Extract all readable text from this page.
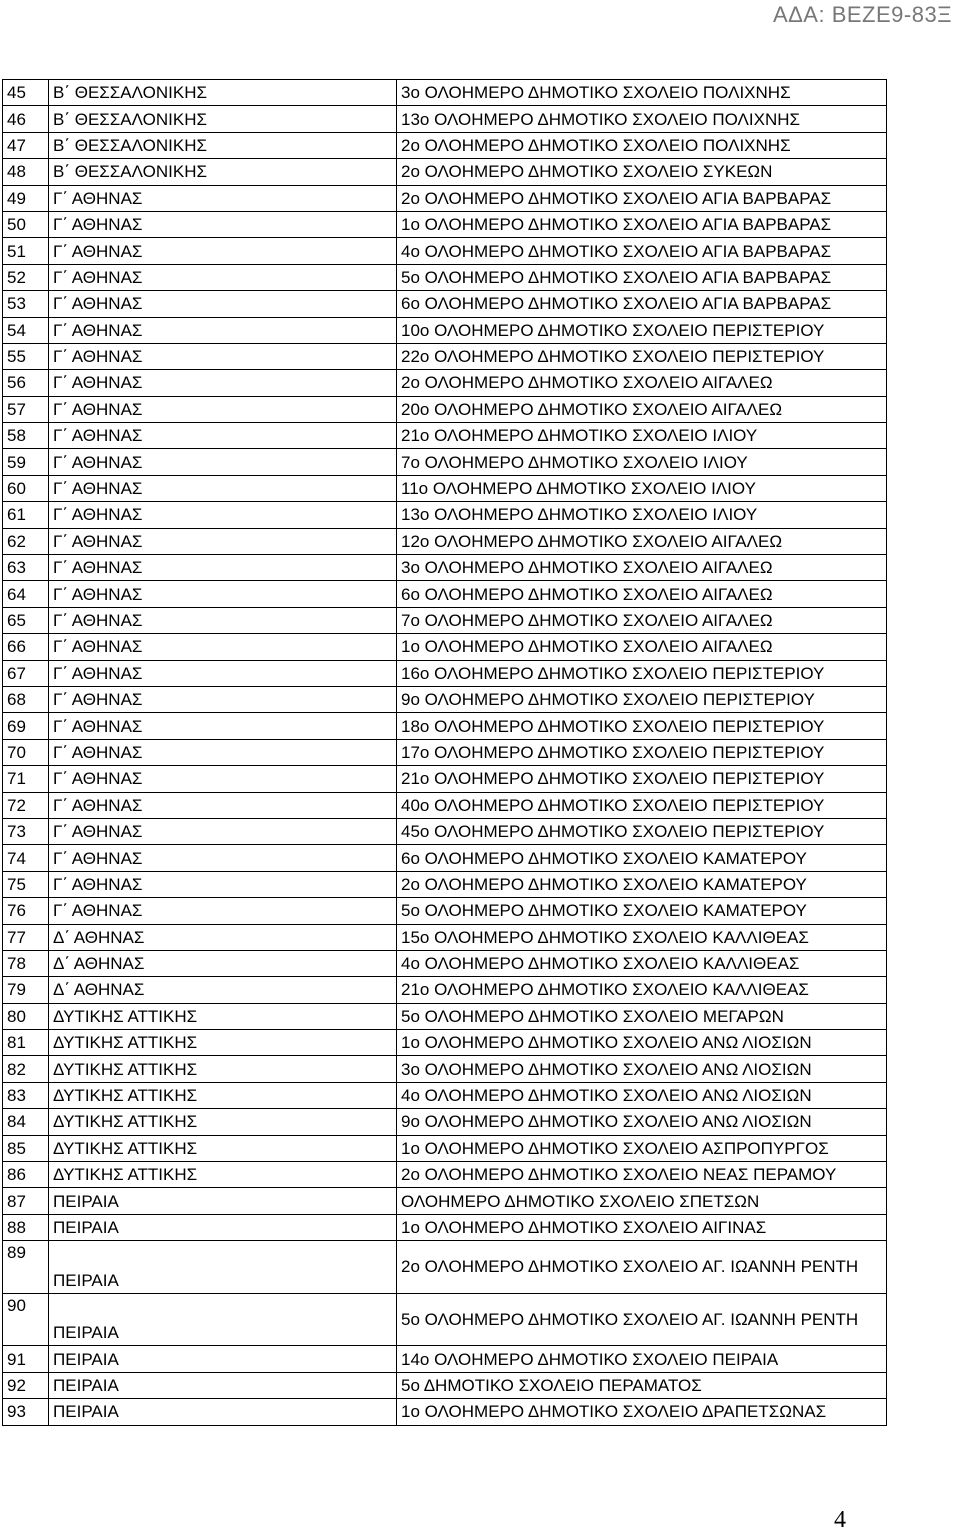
ΑΔΑ: ΒΕΖΕ9-83Ξ
45	Β΄ ΘΕΣΣΑΛΟΝΙΚΗΣ	3ο ΟΛΟΗΜΕΡΟ ΔΗΜΟΤΙΚΟ ΣΧΟΛΕΙΟ ΠΟΛΙΧΝΗΣ
46	Β΄ ΘΕΣΣΑΛΟΝΙΚΗΣ	13ο ΟΛΟΗΜΕΡΟ ΔΗΜΟΤΙΚΟ ΣΧΟΛΕΙΟ ΠΟΛΙΧΝΗΣ
47	Β΄ ΘΕΣΣΑΛΟΝΙΚΗΣ	2ο ΟΛΟΗΜΕΡΟ ΔΗΜΟΤΙΚΟ ΣΧΟΛΕΙΟ ΠΟΛΙΧΝΗΣ
48	Β΄ ΘΕΣΣΑΛΟΝΙΚΗΣ	2ο ΟΛΟΗΜΕΡΟ ΔΗΜΟΤΙΚΟ ΣΧΟΛΕΙΟ ΣΥΚΕΩΝ
49	Γ΄ ΑΘΗΝΑΣ	2ο ΟΛΟΗΜΕΡΟ ΔΗΜΟΤΙΚΟ ΣΧΟΛΕΙΟ ΑΓΙΑ ΒΑΡΒΑΡΑΣ
50	Γ΄ ΑΘΗΝΑΣ	1ο ΟΛΟΗΜΕΡΟ ΔΗΜΟΤΙΚΟ ΣΧΟΛΕΙΟ ΑΓΙΑ ΒΑΡΒΑΡΑΣ
51	Γ΄ ΑΘΗΝΑΣ	4ο ΟΛΟΗΜΕΡΟ ΔΗΜΟΤΙΚΟ ΣΧΟΛΕΙΟ ΑΓΙΑ ΒΑΡΒΑΡΑΣ
52	Γ΄ ΑΘΗΝΑΣ	5ο ΟΛΟΗΜΕΡΟ ΔΗΜΟΤΙΚΟ ΣΧΟΛΕΙΟ ΑΓΙΑ ΒΑΡΒΑΡΑΣ
53	Γ΄ ΑΘΗΝΑΣ	6ο ΟΛΟΗΜΕΡΟ ΔΗΜΟΤΙΚΟ ΣΧΟΛΕΙΟ ΑΓΙΑ ΒΑΡΒΑΡΑΣ
54	Γ΄ ΑΘΗΝΑΣ	10ο ΟΛΟΗΜΕΡΟ ΔΗΜΟΤΙΚΟ ΣΧΟΛΕΙΟ ΠΕΡΙΣΤΕΡΙΟΥ
55	Γ΄ ΑΘΗΝΑΣ	22ο ΟΛΟΗΜΕΡΟ ΔΗΜΟΤΙΚΟ ΣΧΟΛΕΙΟ ΠΕΡΙΣΤΕΡΙΟΥ
56	Γ΄ ΑΘΗΝΑΣ	2ο ΟΛΟΗΜΕΡΟ ΔΗΜΟΤΙΚΟ ΣΧΟΛΕΙΟ ΑΙΓΑΛΕΩ
57	Γ΄ ΑΘΗΝΑΣ	20ο ΟΛΟΗΜΕΡΟ ΔΗΜΟΤΙΚΟ ΣΧΟΛΕΙΟ ΑΙΓΑΛΕΩ
58	Γ΄ ΑΘΗΝΑΣ	21ο ΟΛΟΗΜΕΡΟ ΔΗΜΟΤΙΚΟ ΣΧΟΛΕΙΟ ΙΛΙΟΥ
59	Γ΄ ΑΘΗΝΑΣ	7ο ΟΛΟΗΜΕΡΟ ΔΗΜΟΤΙΚΟ ΣΧΟΛΕΙΟ ΙΛΙΟΥ
60	Γ΄ ΑΘΗΝΑΣ	11ο ΟΛΟΗΜΕΡΟ ΔΗΜΟΤΙΚΟ ΣΧΟΛΕΙΟ ΙΛΙΟΥ
61	Γ΄ ΑΘΗΝΑΣ	13ο ΟΛΟΗΜΕΡΟ ΔΗΜΟΤΙΚΟ ΣΧΟΛΕΙΟ ΙΛΙΟΥ
62	Γ΄ ΑΘΗΝΑΣ	12ο ΟΛΟΗΜΕΡΟ ΔΗΜΟΤΙΚΟ ΣΧΟΛΕΙΟ ΑΙΓΑΛΕΩ
63	Γ΄ ΑΘΗΝΑΣ	3ο ΟΛΟΗΜΕΡΟ ΔΗΜΟΤΙΚΟ ΣΧΟΛΕΙΟ ΑΙΓΑΛΕΩ
64	Γ΄ ΑΘΗΝΑΣ	6ο ΟΛΟΗΜΕΡΟ ΔΗΜΟΤΙΚΟ ΣΧΟΛΕΙΟ ΑΙΓΑΛΕΩ
65	Γ΄ ΑΘΗΝΑΣ	7ο ΟΛΟΗΜΕΡΟ ΔΗΜΟΤΙΚΟ ΣΧΟΛΕΙΟ ΑΙΓΑΛΕΩ
66	Γ΄ ΑΘΗΝΑΣ	1ο ΟΛΟΗΜΕΡΟ ΔΗΜΟΤΙΚΟ ΣΧΟΛΕΙΟ ΑΙΓΑΛΕΩ
67	Γ΄ ΑΘΗΝΑΣ	16ο ΟΛΟΗΜΕΡΟ ΔΗΜΟΤΙΚΟ ΣΧΟΛΕΙΟ ΠΕΡΙΣΤΕΡΙΟΥ
68	Γ΄ ΑΘΗΝΑΣ	9ο ΟΛΟΗΜΕΡΟ ΔΗΜΟΤΙΚΟ ΣΧΟΛΕΙΟ ΠΕΡΙΣΤΕΡΙΟΥ
69	Γ΄ ΑΘΗΝΑΣ	18ο ΟΛΟΗΜΕΡΟ ΔΗΜΟΤΙΚΟ ΣΧΟΛΕΙΟ ΠΕΡΙΣΤΕΡΙΟΥ
70	Γ΄ ΑΘΗΝΑΣ	17ο ΟΛΟΗΜΕΡΟ ΔΗΜΟΤΙΚΟ ΣΧΟΛΕΙΟ ΠΕΡΙΣΤΕΡΙΟΥ
71	Γ΄ ΑΘΗΝΑΣ	21ο ΟΛΟΗΜΕΡΟ ΔΗΜΟΤΙΚΟ ΣΧΟΛΕΙΟ ΠΕΡΙΣΤΕΡΙΟΥ
72	Γ΄ ΑΘΗΝΑΣ	40ο ΟΛΟΗΜΕΡΟ ΔΗΜΟΤΙΚΟ ΣΧΟΛΕΙΟ ΠΕΡΙΣΤΕΡΙΟΥ
73	Γ΄ ΑΘΗΝΑΣ	45ο ΟΛΟΗΜΕΡΟ ΔΗΜΟΤΙΚΟ ΣΧΟΛΕΙΟ ΠΕΡΙΣΤΕΡΙΟΥ
74	Γ΄ ΑΘΗΝΑΣ	6ο ΟΛΟΗΜΕΡΟ ΔΗΜΟΤΙΚΟ ΣΧΟΛΕΙΟ ΚΑΜΑΤΕΡΟΥ
75	Γ΄ ΑΘΗΝΑΣ	2ο ΟΛΟΗΜΕΡΟ ΔΗΜΟΤΙΚΟ ΣΧΟΛΕΙΟ ΚΑΜΑΤΕΡΟΥ
76	Γ΄ ΑΘΗΝΑΣ	5ο ΟΛΟΗΜΕΡΟ ΔΗΜΟΤΙΚΟ ΣΧΟΛΕΙΟ ΚΑΜΑΤΕΡΟΥ
77	Δ΄ ΑΘΗΝΑΣ	15ο ΟΛΟΗΜΕΡΟ ΔΗΜΟΤΙΚΟ ΣΧΟΛΕΙΟ ΚΑΛΛΙΘΕΑΣ
78	Δ΄ ΑΘΗΝΑΣ	4ο ΟΛΟΗΜΕΡΟ ΔΗΜΟΤΙΚΟ ΣΧΟΛΕΙΟ ΚΑΛΛΙΘΕΑΣ
79	Δ΄ ΑΘΗΝΑΣ	21ο ΟΛΟΗΜΕΡΟ ΔΗΜΟΤΙΚΟ ΣΧΟΛΕΙΟ ΚΑΛΛΙΘΕΑΣ
80	ΔΥΤΙΚΗΣ ΑΤΤΙΚΗΣ	5ο ΟΛΟΗΜΕΡΟ ΔΗΜΟΤΙΚΟ ΣΧΟΛΕΙΟ ΜΕΓΑΡΩΝ
81	ΔΥΤΙΚΗΣ ΑΤΤΙΚΗΣ	1ο ΟΛΟΗΜΕΡΟ ΔΗΜΟΤΙΚΟ ΣΧΟΛΕΙΟ ΑΝΩ ΛΙΟΣΙΩΝ
82	ΔΥΤΙΚΗΣ ΑΤΤΙΚΗΣ	3ο ΟΛΟΗΜΕΡΟ ΔΗΜΟΤΙΚΟ ΣΧΟΛΕΙΟ ΑΝΩ ΛΙΟΣΙΩΝ
83	ΔΥΤΙΚΗΣ ΑΤΤΙΚΗΣ	4ο ΟΛΟΗΜΕΡΟ ΔΗΜΟΤΙΚΟ ΣΧΟΛΕΙΟ ΑΝΩ ΛΙΟΣΙΩΝ
84	ΔΥΤΙΚΗΣ ΑΤΤΙΚΗΣ	9ο ΟΛΟΗΜΕΡΟ ΔΗΜΟΤΙΚΟ ΣΧΟΛΕΙΟ ΑΝΩ ΛΙΟΣΙΩΝ
85	ΔΥΤΙΚΗΣ ΑΤΤΙΚΗΣ	1ο ΟΛΟΗΜΕΡΟ ΔΗΜΟΤΙΚΟ ΣΧΟΛΕΙΟ ΑΣΠΡΟΠΥΡΓΟΣ
86	ΔΥΤΙΚΗΣ ΑΤΤΙΚΗΣ	2ο ΟΛΟΗΜΕΡΟ ΔΗΜΟΤΙΚΟ ΣΧΟΛΕΙΟ ΝΕΑΣ ΠΕΡΑΜΟΥ
87	ΠΕΙΡΑΙΑ	ΟΛΟΗΜΕΡΟ ΔΗΜΟΤΙΚΟ ΣΧΟΛΕΙΟ ΣΠΕΤΣΩΝ
88	ΠΕΙΡΑΙΑ	1ο ΟΛΟΗΜΕΡΟ ΔΗΜΟΤΙΚΟ ΣΧΟΛΕΙΟ ΑΙΓΙΝΑΣ
89	ΠΕΙΡΑΙΑ	2ο ΟΛΟΗΜΕΡΟ ΔΗΜΟΤΙΚΟ ΣΧΟΛΕΙΟ ΑΓ. ΙΩΑΝΝΗ ΡΕΝΤΗ
90	ΠΕΙΡΑΙΑ	5ο ΟΛΟΗΜΕΡΟ ΔΗΜΟΤΙΚΟ ΣΧΟΛΕΙΟ ΑΓ. ΙΩΑΝΝΗ ΡΕΝΤΗ
91	ΠΕΙΡΑΙΑ	14ο ΟΛΟΗΜΕΡΟ ΔΗΜΟΤΙΚΟ ΣΧΟΛΕΙΟ ΠΕΙΡΑΙΑ
92	ΠΕΙΡΑΙΑ	5ο ΔΗΜΟΤΙΚΟ ΣΧΟΛΕΙΟ ΠΕΡΑΜΑΤΟΣ
93	ΠΕΙΡΑΙΑ	1ο ΟΛΟΗΜΕΡΟ ΔΗΜΟΤΙΚΟ ΣΧΟΛΕΙΟ ΔΡΑΠΕΤΣΩΝΑΣ
4
